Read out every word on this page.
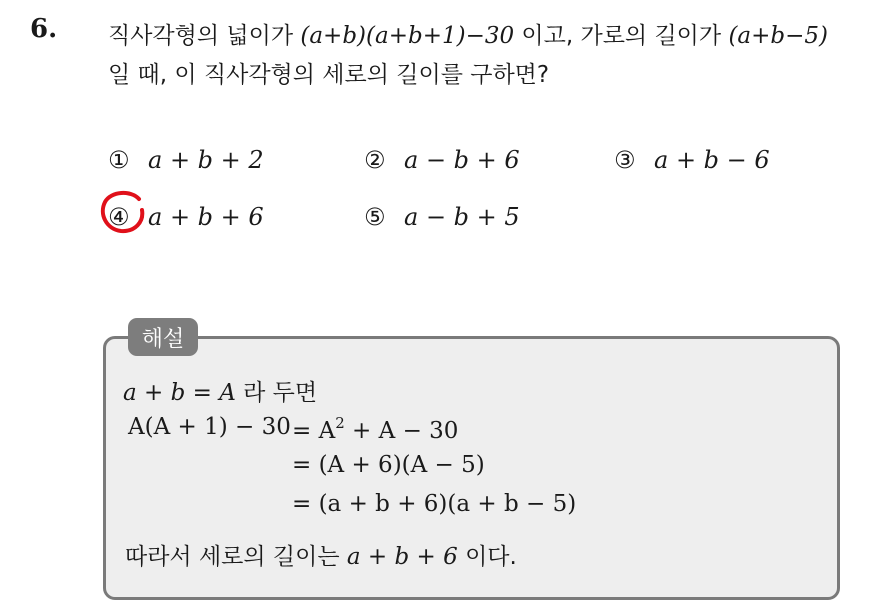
6. 직사각형의 넓이가 (a+b)(a+b+1)−30 이고, 가로의 길이가 (a+b−5)
일 때, 이 직사각형의 세로의 길이를 구하면?
① a + b + 2	② a − b + 6	③ a + b − 6
④ a + b + 6	⑤ a − b + 5
해설
a + b = A 라 두면
$A(A + 1) - 30 = A^2 + A - 30$
= (A + 6)(A − 5)
= (a + b + 6)(a + b − 5)
따라서 세로의 길이는 a + b + 6 이다.
